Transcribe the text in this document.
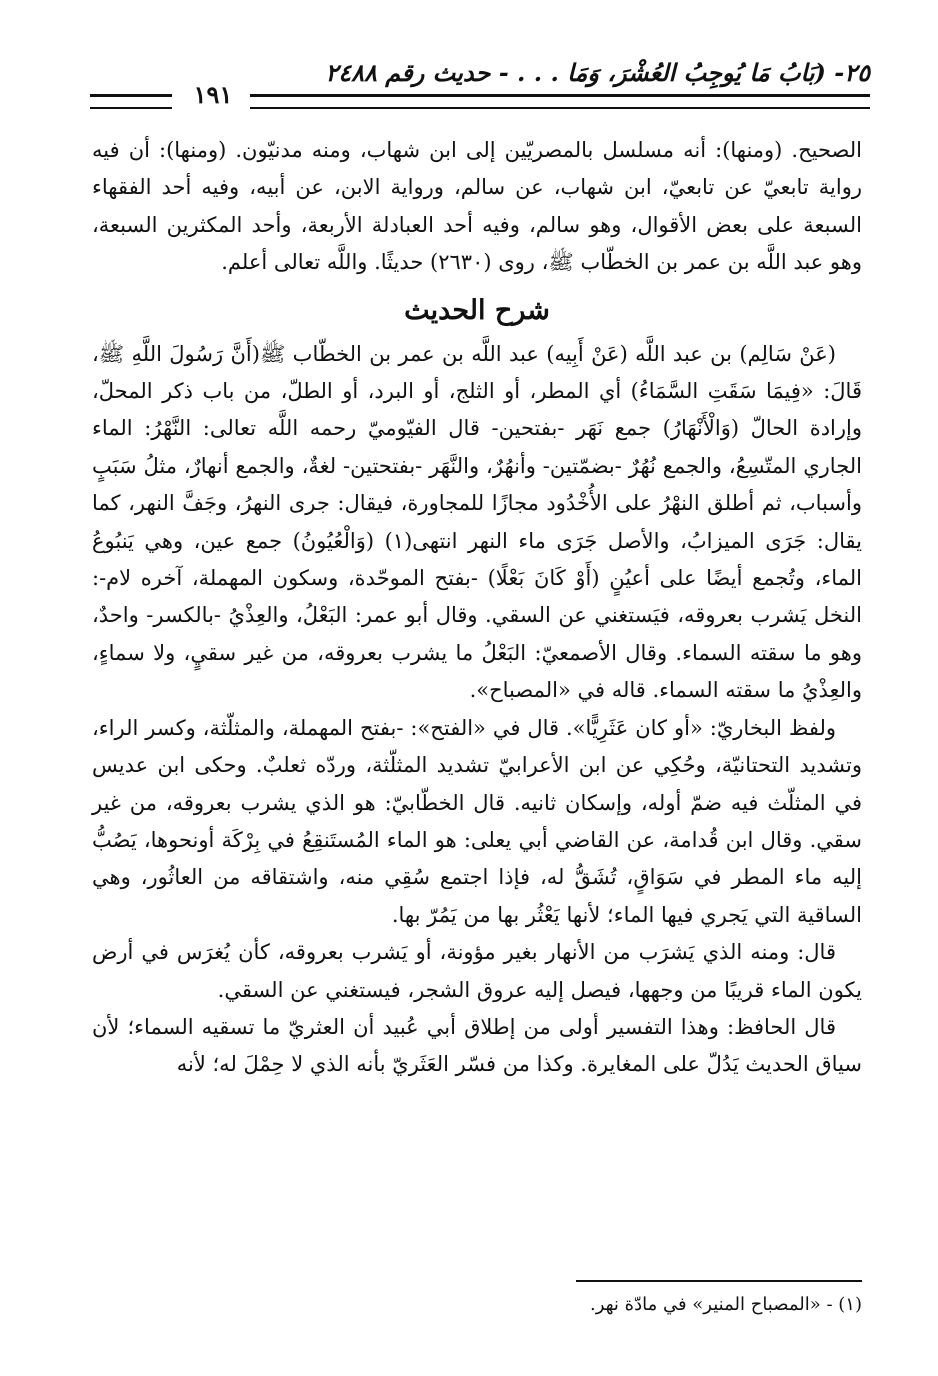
٢٥- (بَابُ مَا يُوجِبُ العُشْرَ، وَمَا . . . - حديث رقم ٢٤٨٨
١٩١

الصحيح. (ومنها): أنه مسلسل بالمصريّين إلى ابن شهاب، ومنه مدنيّون. (ومنها): أن فيه رواية تابعيّ عن تابعيّ، ابن شهاب، عن سالم، ورواية الابن، عن أبيه، وفيه أحد الفقهاء السبعة على بعض الأقوال، وهو سالم، وفيه أحد العبادلة الأربعة، وأحد المكثرين السبعة، وهو عبد اللَّه بن عمر بن الخطّاب ﷺ، روى (٢٦٣٠) حديثًا. واللَّه تعالى أعلم.

شرح الحديث

(عَنْ سَالِم) بن عبد اللَّه (عَنْ أَبِيه) عبد اللَّه بن عمر بن الخطّاب ﷺ(أَنَّ رَسُولَ اللَّهِ ﷺ، قَالَ: «فِيمَا سَقَتِ السَّمَاءُ) أي المطر، أو الثلج، أو البرد، أو الطلّ، من باب ذكر المحلّ، وإرادة الحالّ (وَالْأَنْهَارُ) جمع نَهَر -بفتحين- قال الفيّوميّ رحمه اللَّه تعالى: النَّهْرُ: الماء الجاري المتّسِعُ، والجمع نُهُرٌ -بضمّتين- وأنهُرٌ، والنَّهَر -بفتحتين- لغةٌ، والجمع أنهارٌ، مثلُ سَبَبٍ وأسباب، ثم أطلق النهْرُ على الأُخْدُود مجازًا للمجاورة، فيقال: جرى النهرُ، وجَفَّ النهر، كما يقال: جَرَى الميزابُ، والأصل جَرَى ماء النهر انتهى(١) (وَالْعُيُونُ) جمع عين، وهي يَنبُوعُ الماء، وتُجمع أيضًا على أعيُنٍ (أَوْ كَانَ بَعْلًا) -بفتح الموحّدة، وسكون المهملة، آخره لام-: النخل يَشرب بعروقه، فيَستغني عن السقي. وقال أبو عمر: البَعْلُ، والعِذْيُ -بالكسر- واحدٌ، وهو ما سقته السماء. وقال الأصمعيّ: البَعْلُ ما يشرب بعروقه، من غير سقيٍ، ولا سماءٍ، والعِذْيُ ما سقته السماء. قاله في «المصباح».

ولفظ البخاريّ: «أو كان عَثَرِيًّا». قال في «الفتح»: -بفتح المهملة، والمثلّثة، وكسر الراء، وتشديد التحتانيّة، وحُكِي عن ابن الأعرابيّ تشديد المثلّثة، وردّه ثعلبٌ. وحكى ابن عديس في المثلّث فيه ضمّ أوله، وإسكان ثانيه. قال الخطّابيّ: هو الذي يشرب بعروقه، من غير سقي. وقال ابن قُدامة، عن القاضي أبي يعلى: هو الماء المُستَنقِعُ في بِرْكَة أونحوها، يَصُبُّ إليه ماء المطر في سَوَاقٍ، تُشَقُّ له، فإذا اجتمع سُقِي منه، واشتقاقه من العاثُور، وهي الساقية التي يَجري فيها الماء؛ لأنها يَعْثُر بها من يَمُرّ بها.

قال: ومنه الذي يَشرَب من الأنهار بغير مؤونة، أو يَشرب بعروقه، كأن يُغرَس في أرض يكون الماء قريبًا من وجهها، فيصل إليه عروق الشجر، فيستغني عن السقي.

قال الحافظ: وهذا التفسير أولى من إطلاق أبي عُبيد أن العثريّ ما تسقيه السماء؛ لأن سياق الحديث يَدُلّ على المغايرة. وكذا من فسّر العَثَريّ بأنه الذي لا حِمْلَ له؛ لأنه

(١) - «المصباح المنير» في مادّة نهر.
